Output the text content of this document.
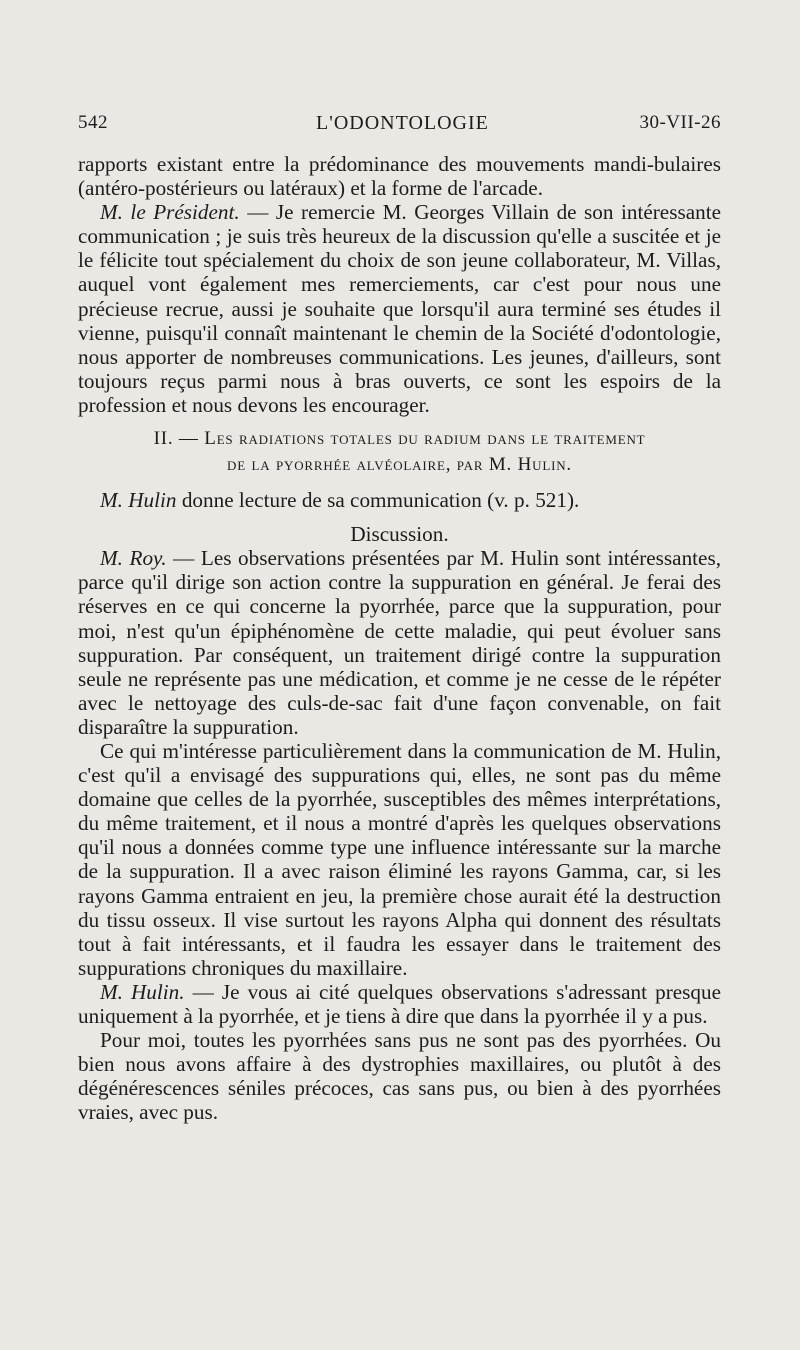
542	L'ODONTOLOGIE	30-VII-26

rapports existant entre la prédominance des mouvements mandi-bulaires (antéro-postérieurs ou latéraux) et la forme de l'arcade.

M. le Président. — Je remercie M. Georges Villain de son intéressante communication ; je suis très heureux de la discussion qu'elle a suscitée et je le félicite tout spécialement du choix de son jeune collaborateur, M. Villas, auquel vont également mes remerciements, car c'est pour nous une précieuse recrue, aussi je souhaite que lorsqu'il aura terminé ses études il vienne, puisqu'il connaît maintenant le chemin de la Société d'odontologie, nous apporter de nombreuses communications. Les jeunes, d'ailleurs, sont toujours reçus parmi nous à bras ouverts, ce sont les espoirs de la profession et nous devons les encourager.

II. — Les radiations totales du radium dans le traitement
de la pyorrhée alvéolaire, par M. Hulin.

M. Hulin donne lecture de sa communication (v. p. 521).

Discussion.

M. Roy. — Les observations présentées par M. Hulin sont intéressantes, parce qu'il dirige son action contre la suppuration en général. Je ferai des réserves en ce qui concerne la pyorrhée, parce que la suppuration, pour moi, n'est qu'un épiphénomène de cette maladie, qui peut évoluer sans suppuration. Par conséquent, un traitement dirigé contre la suppuration seule ne représente pas une médication, et comme je ne cesse de le répéter avec le nettoyage des culs-de-sac fait d'une façon convenable, on fait disparaître la suppuration.

Ce qui m'intéresse particulièrement dans la communication de M. Hulin, c'est qu'il a envisagé des suppurations qui, elles, ne sont pas du même domaine que celles de la pyorrhée, susceptibles des mêmes interprétations, du même traitement, et il nous a montré d'après les quelques observations qu'il nous a données comme type une influence intéressante sur la marche de la suppuration. Il a avec raison éliminé les rayons Gamma, car, si les rayons Gamma entraient en jeu, la première chose aurait été la destruction du tissu osseux. Il vise surtout les rayons Alpha qui donnent des résultats tout à fait intéressants, et il faudra les essayer dans le traitement des suppurations chroniques du maxillaire.

M. Hulin. — Je vous ai cité quelques observations s'adressant presque uniquement à la pyorrhée, et je tiens à dire que dans la pyorrhée il y a pus.

Pour moi, toutes les pyorrhées sans pus ne sont pas des pyorrhées. Ou bien nous avons affaire à des dystrophies maxillaires, ou plutôt à des dégénérescences séniles précoces, cas sans pus, ou bien à des pyorrhées vraies, avec pus.
